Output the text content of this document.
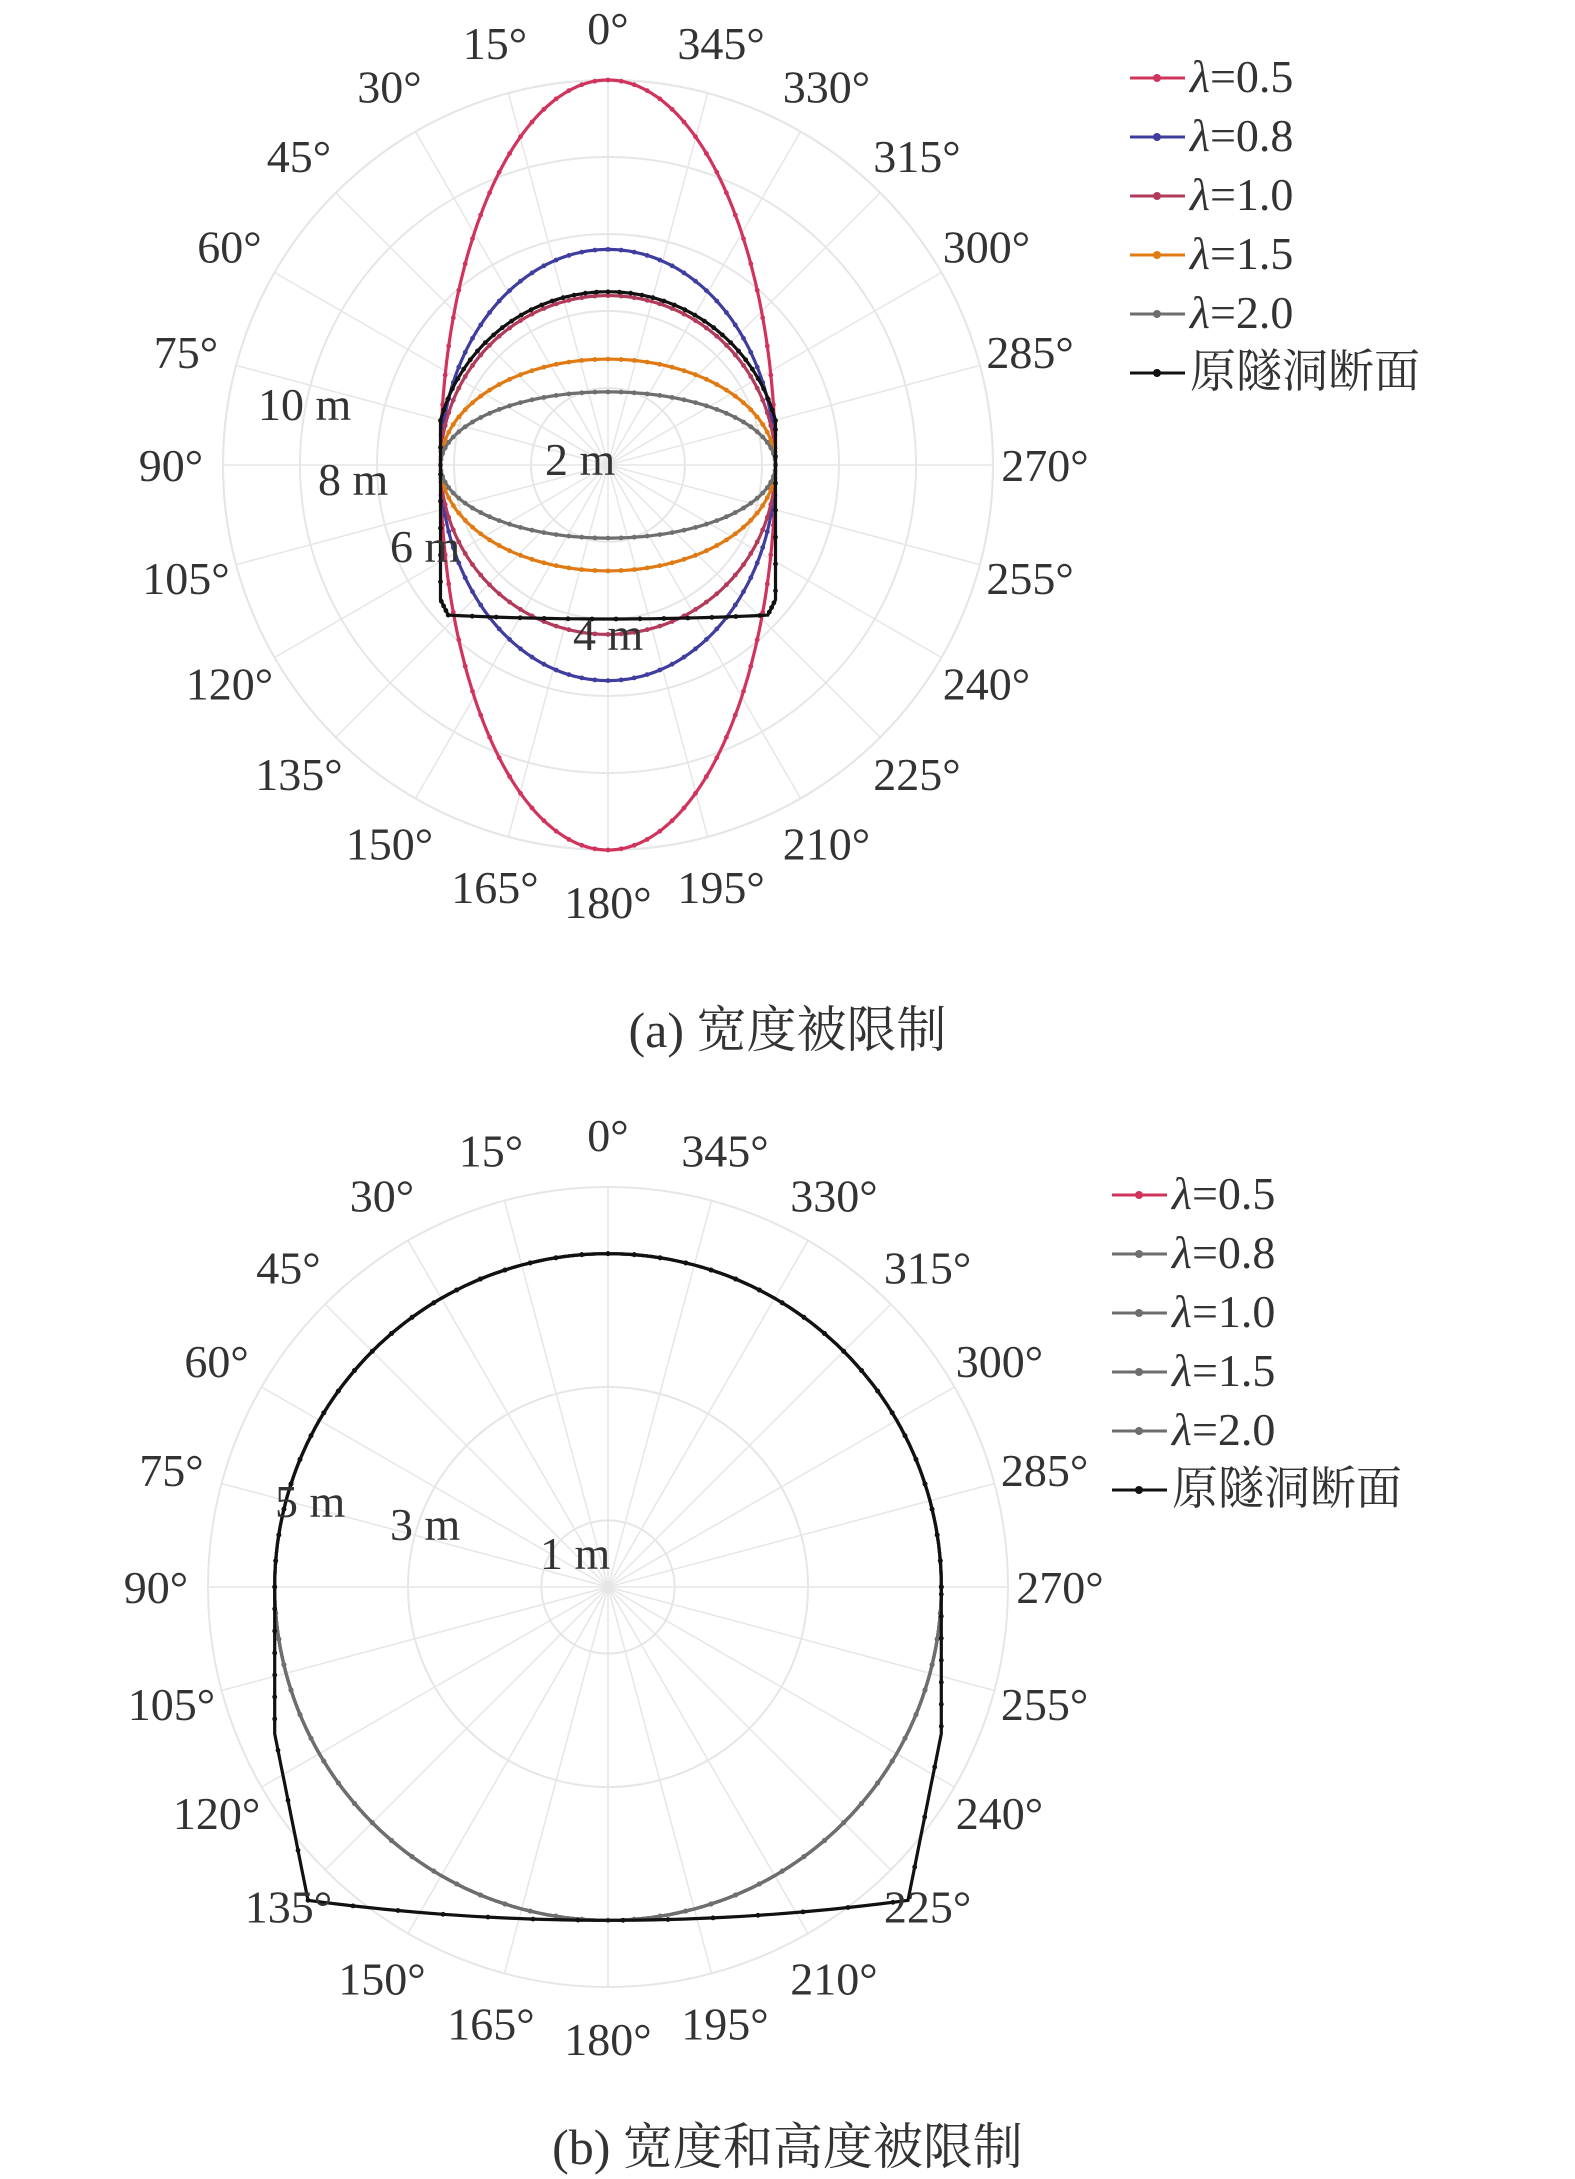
0°
15°
30°
45°
60°
75°
90°
105°
120°
135°
150°
165° 180° 195°
210°
225°
240°
255°
270°
285°
300°
315°
330°
345°
2 m
4 m
6 m
8 m
10 m
λ=0.5
λ=0.8
λ=1.0
λ=1.5
λ=2.0
原隧洞断面
(a) 宽度被限制
0°
15°
30°
45°
60°
75°
90°
105°
120°
135°
150°
165° 180° 195°
210°
225°
240°
255°
270°
285°
300°
315°
330°
345°
1 m
3 m
5 m
λ=0.5
λ=0.8
λ=1.0
λ=1.5
λ=2.0
原隧洞断面
(b) 宽度和高度被限制
